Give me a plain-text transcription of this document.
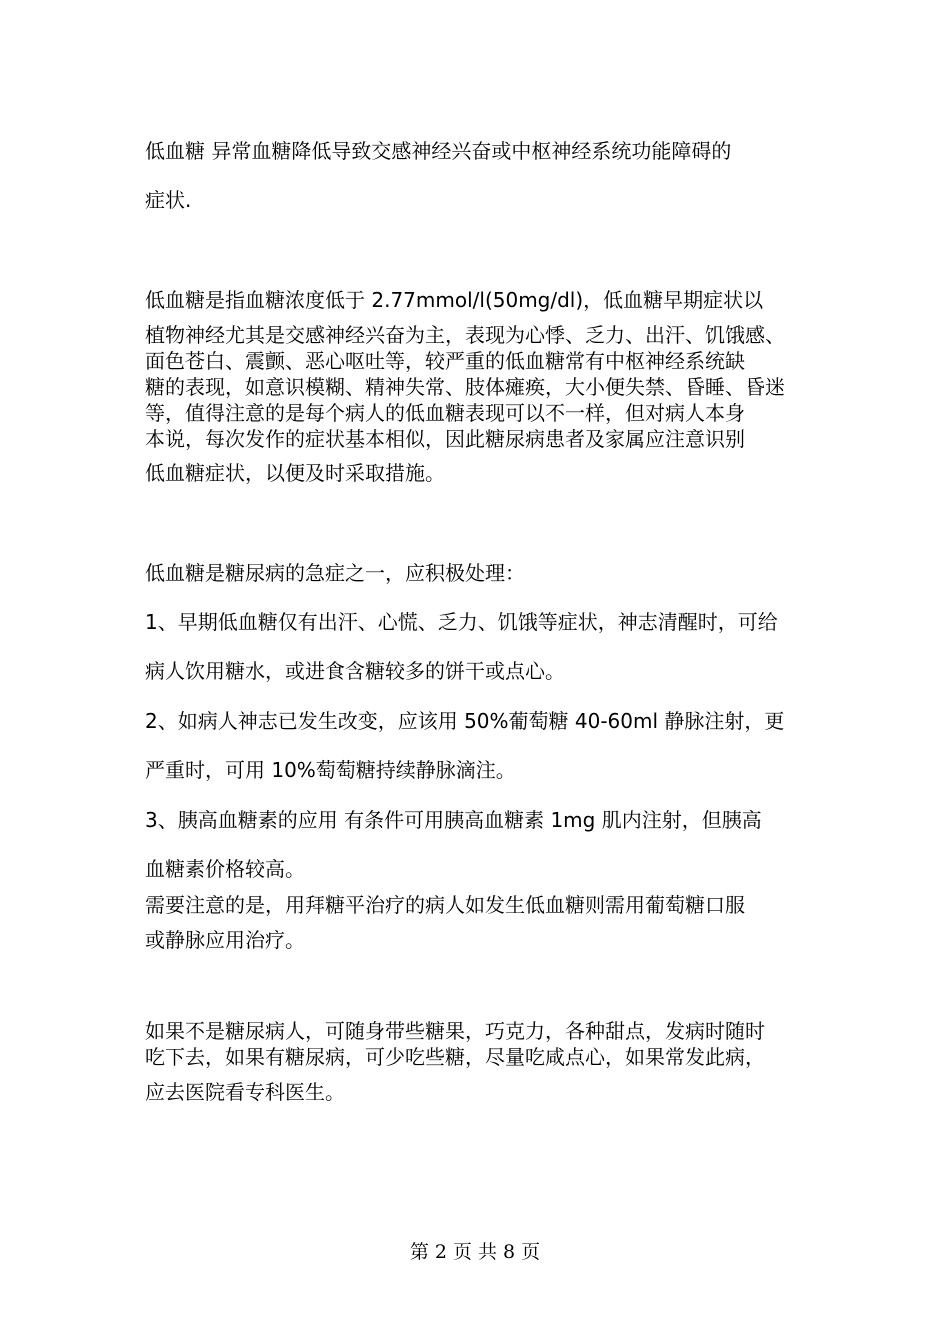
低血糖 异常血糖降低导致交感神经兴奋或中枢神经系统功能障碍的
症状.
低血糖是指血糖浓度低于 2.77mmol/l(50mg/dl)，低血糖早期症状以
植物神经尤其是交感神经兴奋为主，表现为心悸、乏力、出汗、饥饿感、
面色苍白、震颤、恶心呕吐等，较严重的低血糖常有中枢神经系统缺
糖的表现，如意识模糊、精神失常、肢体瘫痪，大小便失禁、昏睡、昏迷
等，值得注意的是每个病人的低血糖表现可以不一样，但对病人本身
本说，每次发作的症状基本相似，因此糖尿病患者及家属应注意识别
低血糖症状，以便及时采取措施。
低血糖是糖尿病的急症之一，应积极处理：
1、早期低血糖仅有出汗、心慌、乏力、饥饿等症状，神志清醒时，可给
病人饮用糖水，或进食含糖较多的饼干或点心。
2、如病人神志已发生改变，应该用 50%葡萄糖 40-60ml 静脉注射，更
严重时，可用 10%萄萄糖持续静脉滴注。
3、胰高血糖素的应用 有条件可用胰高血糖素 1mg 肌内注射，但胰高
血糖素价格较高。
需要注意的是，用拜糖平治疗的病人如发生低血糖则需用葡萄糖口服
或静脉应用治疗。
如果不是糖尿病人，可随身带些糖果，巧克力，各种甜点，发病时随时
吃下去，如果有糖尿病，可少吃些糖，尽量吃咸点心，如果常发此病，
应去医院看专科医生。
第 2 页 共 8 页
